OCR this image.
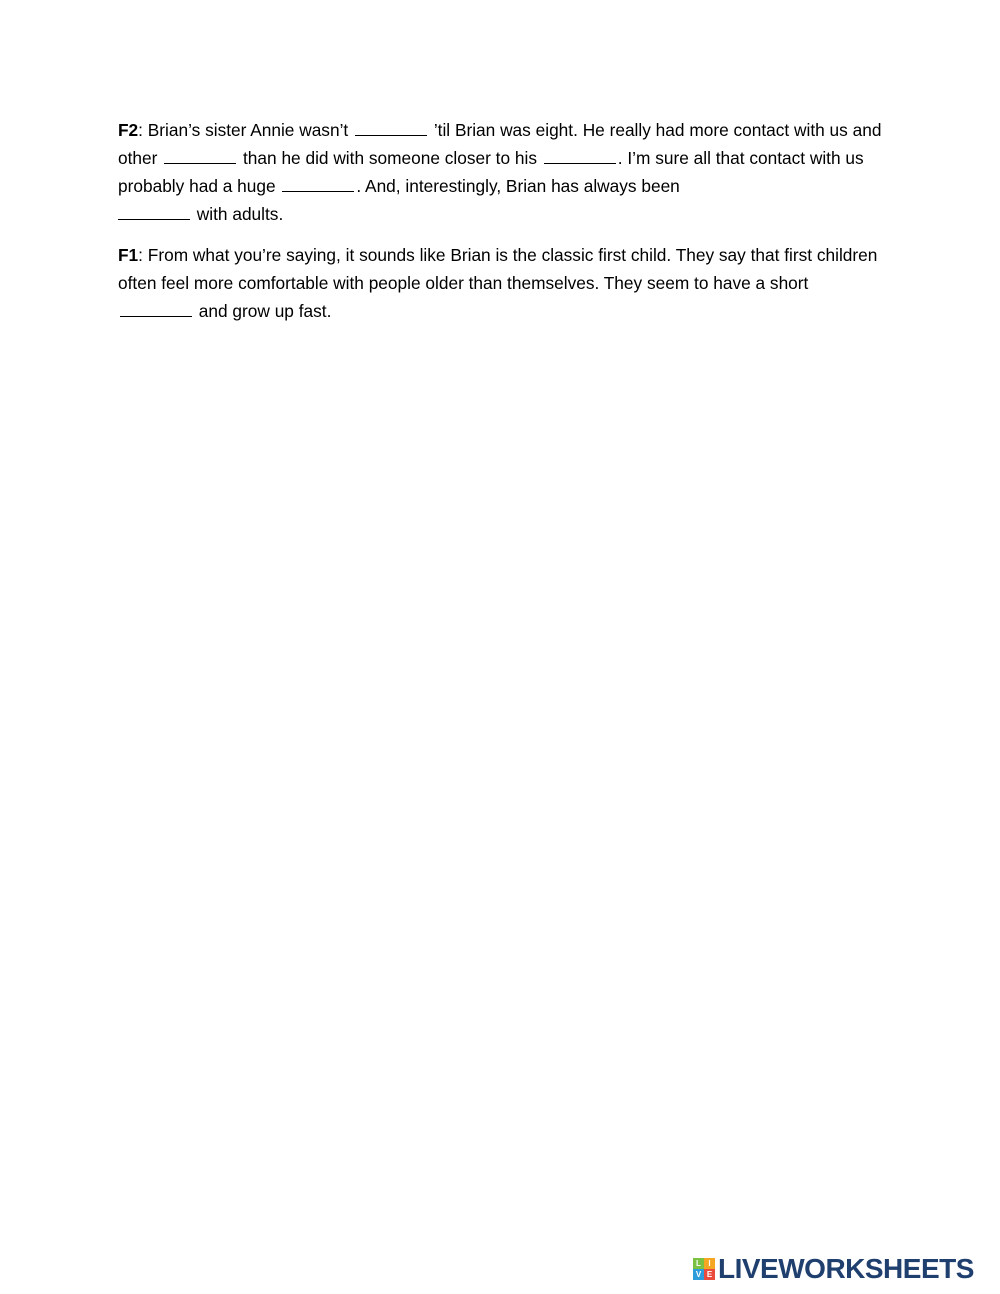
F2: Brian’s sister Annie wasn’t	’til Brian was eight. He really had more contact with us and other	than he did with someone closer to his	. I’m sure all that contact with us probably had a huge	. And, interestingly, Brian has always been
with adults.

F1: From what you’re saying, it sounds like Brian is the classic first child. They say that first children often feel more comfortable with people older than themselves. They seem to have a short  and grow up fast.

L I
V E LIVEWORKSHEETS
